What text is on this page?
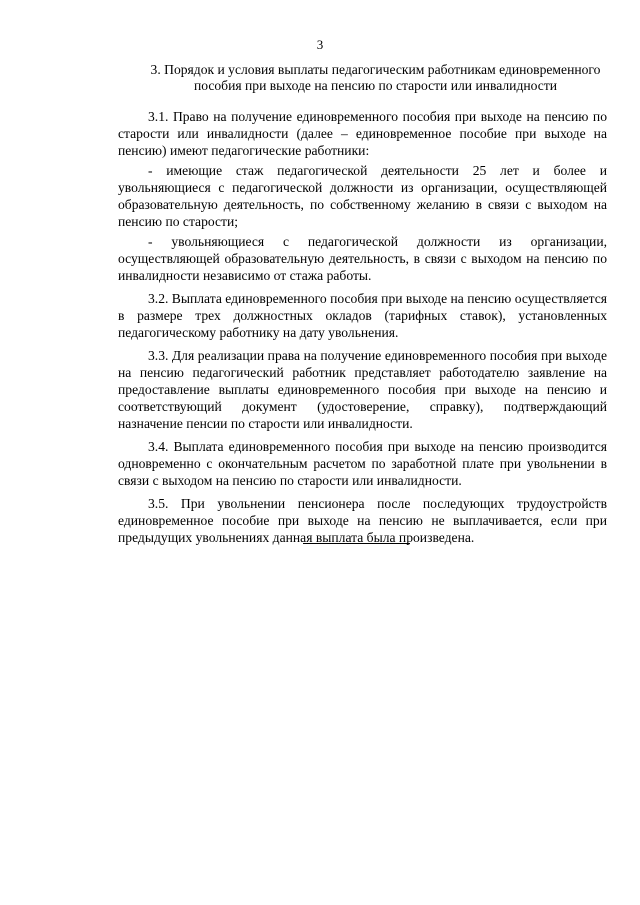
3

3. Порядок и условия выплаты педагогическим работникам единовременного пособия при выходе на пенсию по старости или инвалидности

3.1. Право на получение единовременного пособия при выходе на пенсию по старости или инвалидности (далее – единовременное пособие при выходе на пенсию) имеют педагогические работники:

- имеющие стаж педагогической деятельности 25 лет и более и увольняющиеся с педагогической должности из организации, осуществляющей образовательную деятельность, по собственному желанию в связи с выходом на пенсию по старости;

- увольняющиеся с педагогической должности из организации, осуществляющей образовательную деятельность, в связи с выходом на пенсию по инвалидности независимо от стажа работы.

3.2. Выплата единовременного пособия при выходе на пенсию осуществляется в размере трех должностных окладов (тарифных ставок), установленных педагогическому работнику на дату увольнения.

3.3. Для реализации права на получение единовременного пособия при выходе на пенсию педагогический работник представляет работодателю заявление на предоставление выплаты единовременного пособия при выходе на пенсию и соответствующий документ (удостоверение, справку), подтверждающий назначение пенсии по старости или инвалидности.

3.4. Выплата единовременного пособия при выходе на пенсию производится одновременно с окончательным расчетом по заработной плате при увольнении в связи с выходом на пенсию по старости или инвалидности.

3.5. При увольнении пенсионера после последующих трудоустройств единовременное пособие при выходе на пенсию не выплачивается, если при предыдущих увольнениях данная выплата была произведена.
